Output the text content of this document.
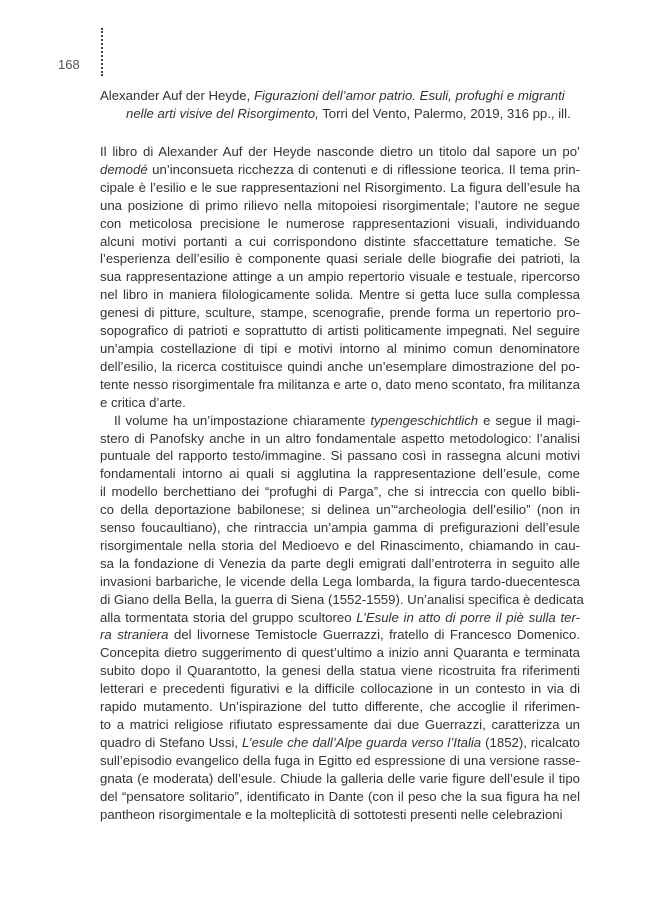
168
Alexander Auf der Heyde, Figurazioni dell’amor patrio. Esuli, profughi e migranti
nelle arti visive del Risorgimento, Torri del Vento, Palermo, 2019, 316 pp., ill.
Il libro di Alexander Auf der Heyde nasconde dietro un titolo dal sapore un po’
demodé un’inconsueta ricchezza di contenuti e di riflessione teorica. Il tema prin-
cipale è l’esilio e le sue rappresentazioni nel Risorgimento. La figura dell’esule ha
una posizione di primo rilievo nella mitopoiesi risorgimentale; l’autore ne segue
con meticolosa precisione le numerose rappresentazioni visuali, individuando
alcuni motivi portanti a cui corrispondono distinte sfaccettature tematiche. Se
l’esperienza dell’esilio è componente quasi seriale delle biografie dei patrioti, la
sua rappresentazione attinge a un ampio repertorio visuale e testuale, ripercorso
nel libro in maniera filologicamente solida. Mentre si getta luce sulla complessa
genesi di pitture, sculture, stampe, scenografie, prende forma un repertorio pro-
sopografico di patrioti e soprattutto di artisti politicamente impegnati. Nel seguire
un’ampia costellazione di tipi e motivi intorno al minimo comun denominatore
dell’esilio, la ricerca costituisce quindi anche un’esemplare dimostrazione del po-
tente nesso risorgimentale fra militanza e arte o, dato meno scontato, fra militanza
e critica d’arte.
Il volume ha un’impostazione chiaramente typengeschichtlich e segue il magi-
stero di Panofsky anche in un altro fondamentale aspetto metodologico: l’analisi
puntuale del rapporto testo/immagine. Si passano così in rassegna alcuni motivi
fondamentali intorno ai quali si agglutina la rappresentazione dell’esule, come
il modello berchettiano dei “profughi di Parga”, che si intreccia con quello bibli-
co della deportazione babilonese; si delinea un’“archeologia dell’esilio” (non in
senso foucaultiano), che rintraccia un’ampia gamma di prefigurazioni dell’esule
risorgimentale nella storia del Medioevo e del Rinascimento, chiamando in cau-
sa la fondazione di Venezia da parte degli emigrati dall’entroterra in seguito alle
invasioni barbariche, le vicende della Lega lombarda, la figura tardo-duecentesca
di Giano della Bella, la guerra di Siena (1552-1559). Un’analisi specifica è dedicata
alla tormentata storia del gruppo scultoreo L’Esule in atto di porre il piè sulla ter-
ra straniera del livornese Temistocle Guerrazzi, fratello di Francesco Domenico.
Concepita dietro suggerimento di quest’ultimo a inizio anni Quaranta e terminata
subito dopo il Quarantotto, la genesi della statua viene ricostruita fra riferimenti
letterari e precedenti figurativi e la difficile collocazione in un contesto in via di
rapido mutamento. Un’ispirazione del tutto differente, che accoglie il riferimen-
to a matrici religiose rifiutato espressamente dai due Guerrazzi, caratterizza un
quadro di Stefano Ussi, L’esule che dall’Alpe guarda verso l’Italia (1852), ricalcato
sull’episodio evangelico della fuga in Egitto ed espressione di una versione rasse-
gnata (e moderata) dell’esule. Chiude la galleria delle varie figure dell’esule il tipo
del “pensatore solitario”, identificato in Dante (con il peso che la sua figura ha nel
pantheon risorgimentale e la molteplicità di sottotesti presenti nelle celebrazioni
